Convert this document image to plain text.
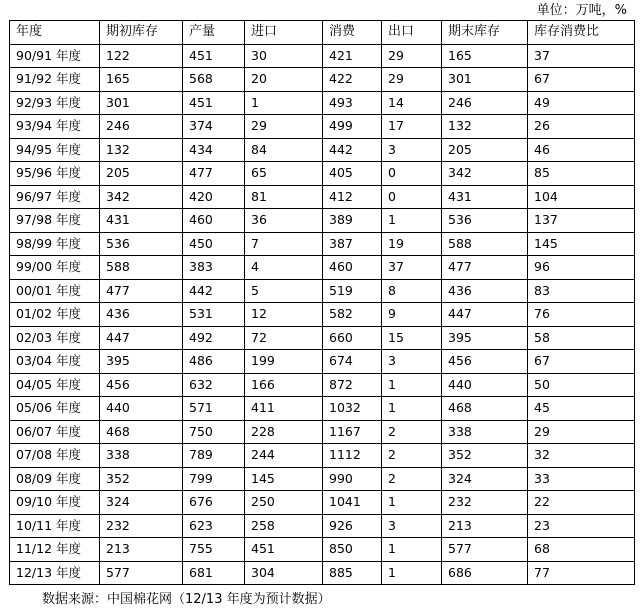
单位：万吨，%
年度	期初库存	产量	进口	消费	出口	期末库存	库存消费比
90/91 年度	122	451	30	421	29	165	37
91/92 年度	165	568	20	422	29	301	67
92/93 年度	301	451	1	493	14	246	49
93/94 年度	246	374	29	499	17	132	26
94/95 年度	132	434	84	442	3	205	46
95/96 年度	205	477	65	405	0	342	85
96/97 年度	342	420	81	412	0	431	104
97/98 年度	431	460	36	389	1	536	137
98/99 年度	536	450	7	387	19	588	145
99/00 年度	588	383	4	460	37	477	96
00/01 年度	477	442	5	519	8	436	83
01/02 年度	436	531	12	582	9	447	76
02/03 年度	447	492	72	660	15	395	58
03/04 年度	395	486	199	674	3	456	67
04/05 年度	456	632	166	872	1	440	50
05/06 年度	440	571	411	1032	1	468	45
06/07 年度	468	750	228	1167	2	338	29
07/08 年度	338	789	244	1112	2	352	32
08/09 年度	352	799	145	990	2	324	33
09/10 年度	324	676	250	1041	1	232	22
10/11 年度	232	623	258	926	3	213	23
11/12 年度	213	755	451	850	1	577	68
12/13 年度	577	681	304	885	1	686	77
数据来源：中国棉花网（12/13 年度为预计数据）
